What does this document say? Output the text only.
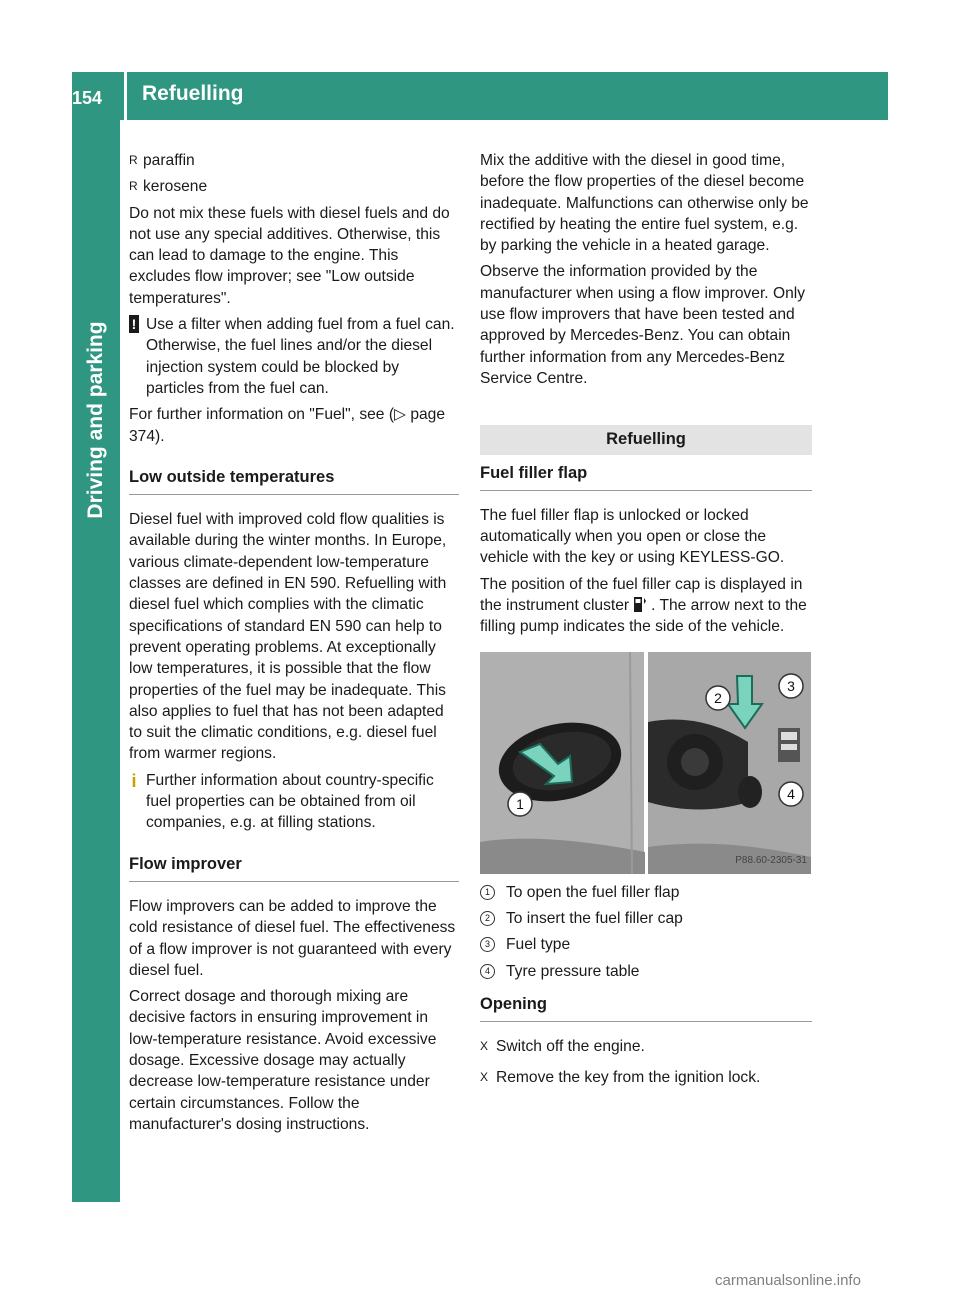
154	Refuelling
Driving and parking
R paraffin
R kerosene

Do not mix these fuels with diesel fuels and do not use any special additives. Otherwise, this can lead to damage to the engine. This excludes flow improver; see "Low outside temperatures".

! Use a filter when adding fuel from a fuel can. Otherwise, the fuel lines and/or the diesel injection system could be blocked by particles from the fuel can.

For further information on "Fuel", see (▷ page 374).

Low outside temperatures

Diesel fuel with improved cold flow qualities is available during the winter months. In Europe, various climate-dependent low-temperature classes are defined in EN 590. Refuelling with diesel fuel which complies with the climatic specifications of standard EN 590 can help to prevent operating problems. At exceptionally low temperatures, it is possible that the flow properties of the fuel may be inadequate. This also applies to fuel that has not been adapted to suit the climatic conditions, e.g. diesel fuel from warmer regions.

i Further information about country-specific fuel properties can be obtained from oil companies, e.g. at filling stations.
Flow improver

Flow improvers can be added to improve the cold resistance of diesel fuel. The effectiveness of a flow improver is not guaranteed with every diesel fuel.

Correct dosage and thorough mixing are decisive factors in ensuring improvement in low-temperature resistance. Avoid excessive dosage. Excessive dosage may actually decrease low-temperature resistance under certain circumstances. Follow the manufacturer's dosing instructions.

Mix the additive with the diesel in good time, before the flow properties of the diesel become inadequate. Malfunctions can otherwise only be rectified by heating the entire fuel system, e.g. by parking the vehicle in a heated garage.

Observe the information provided by the manufacturer when using a flow improver. Only use flow improvers that have been tested and approved by Mercedes-Benz. You can obtain further information from any Mercedes-Benz Service Centre.

Refuelling
Fuel filler flap

The fuel filler flap is unlocked or locked automatically when you open or close the vehicle with the key or using KEYLESS-GO.

The position of the fuel filler cap is displayed in the instrument cluster . The arrow next to the filling pump indicates the side of the vehicle.

1
2
3
4
P88.60-2305-31
1	To open the fuel filler flap
2	To insert the fuel filler cap
3	Fuel type
4	Tyre pressure table
Opening
X Switch off the engine.
X Remove the key from the ignition lock.
carmanualsonline.info
